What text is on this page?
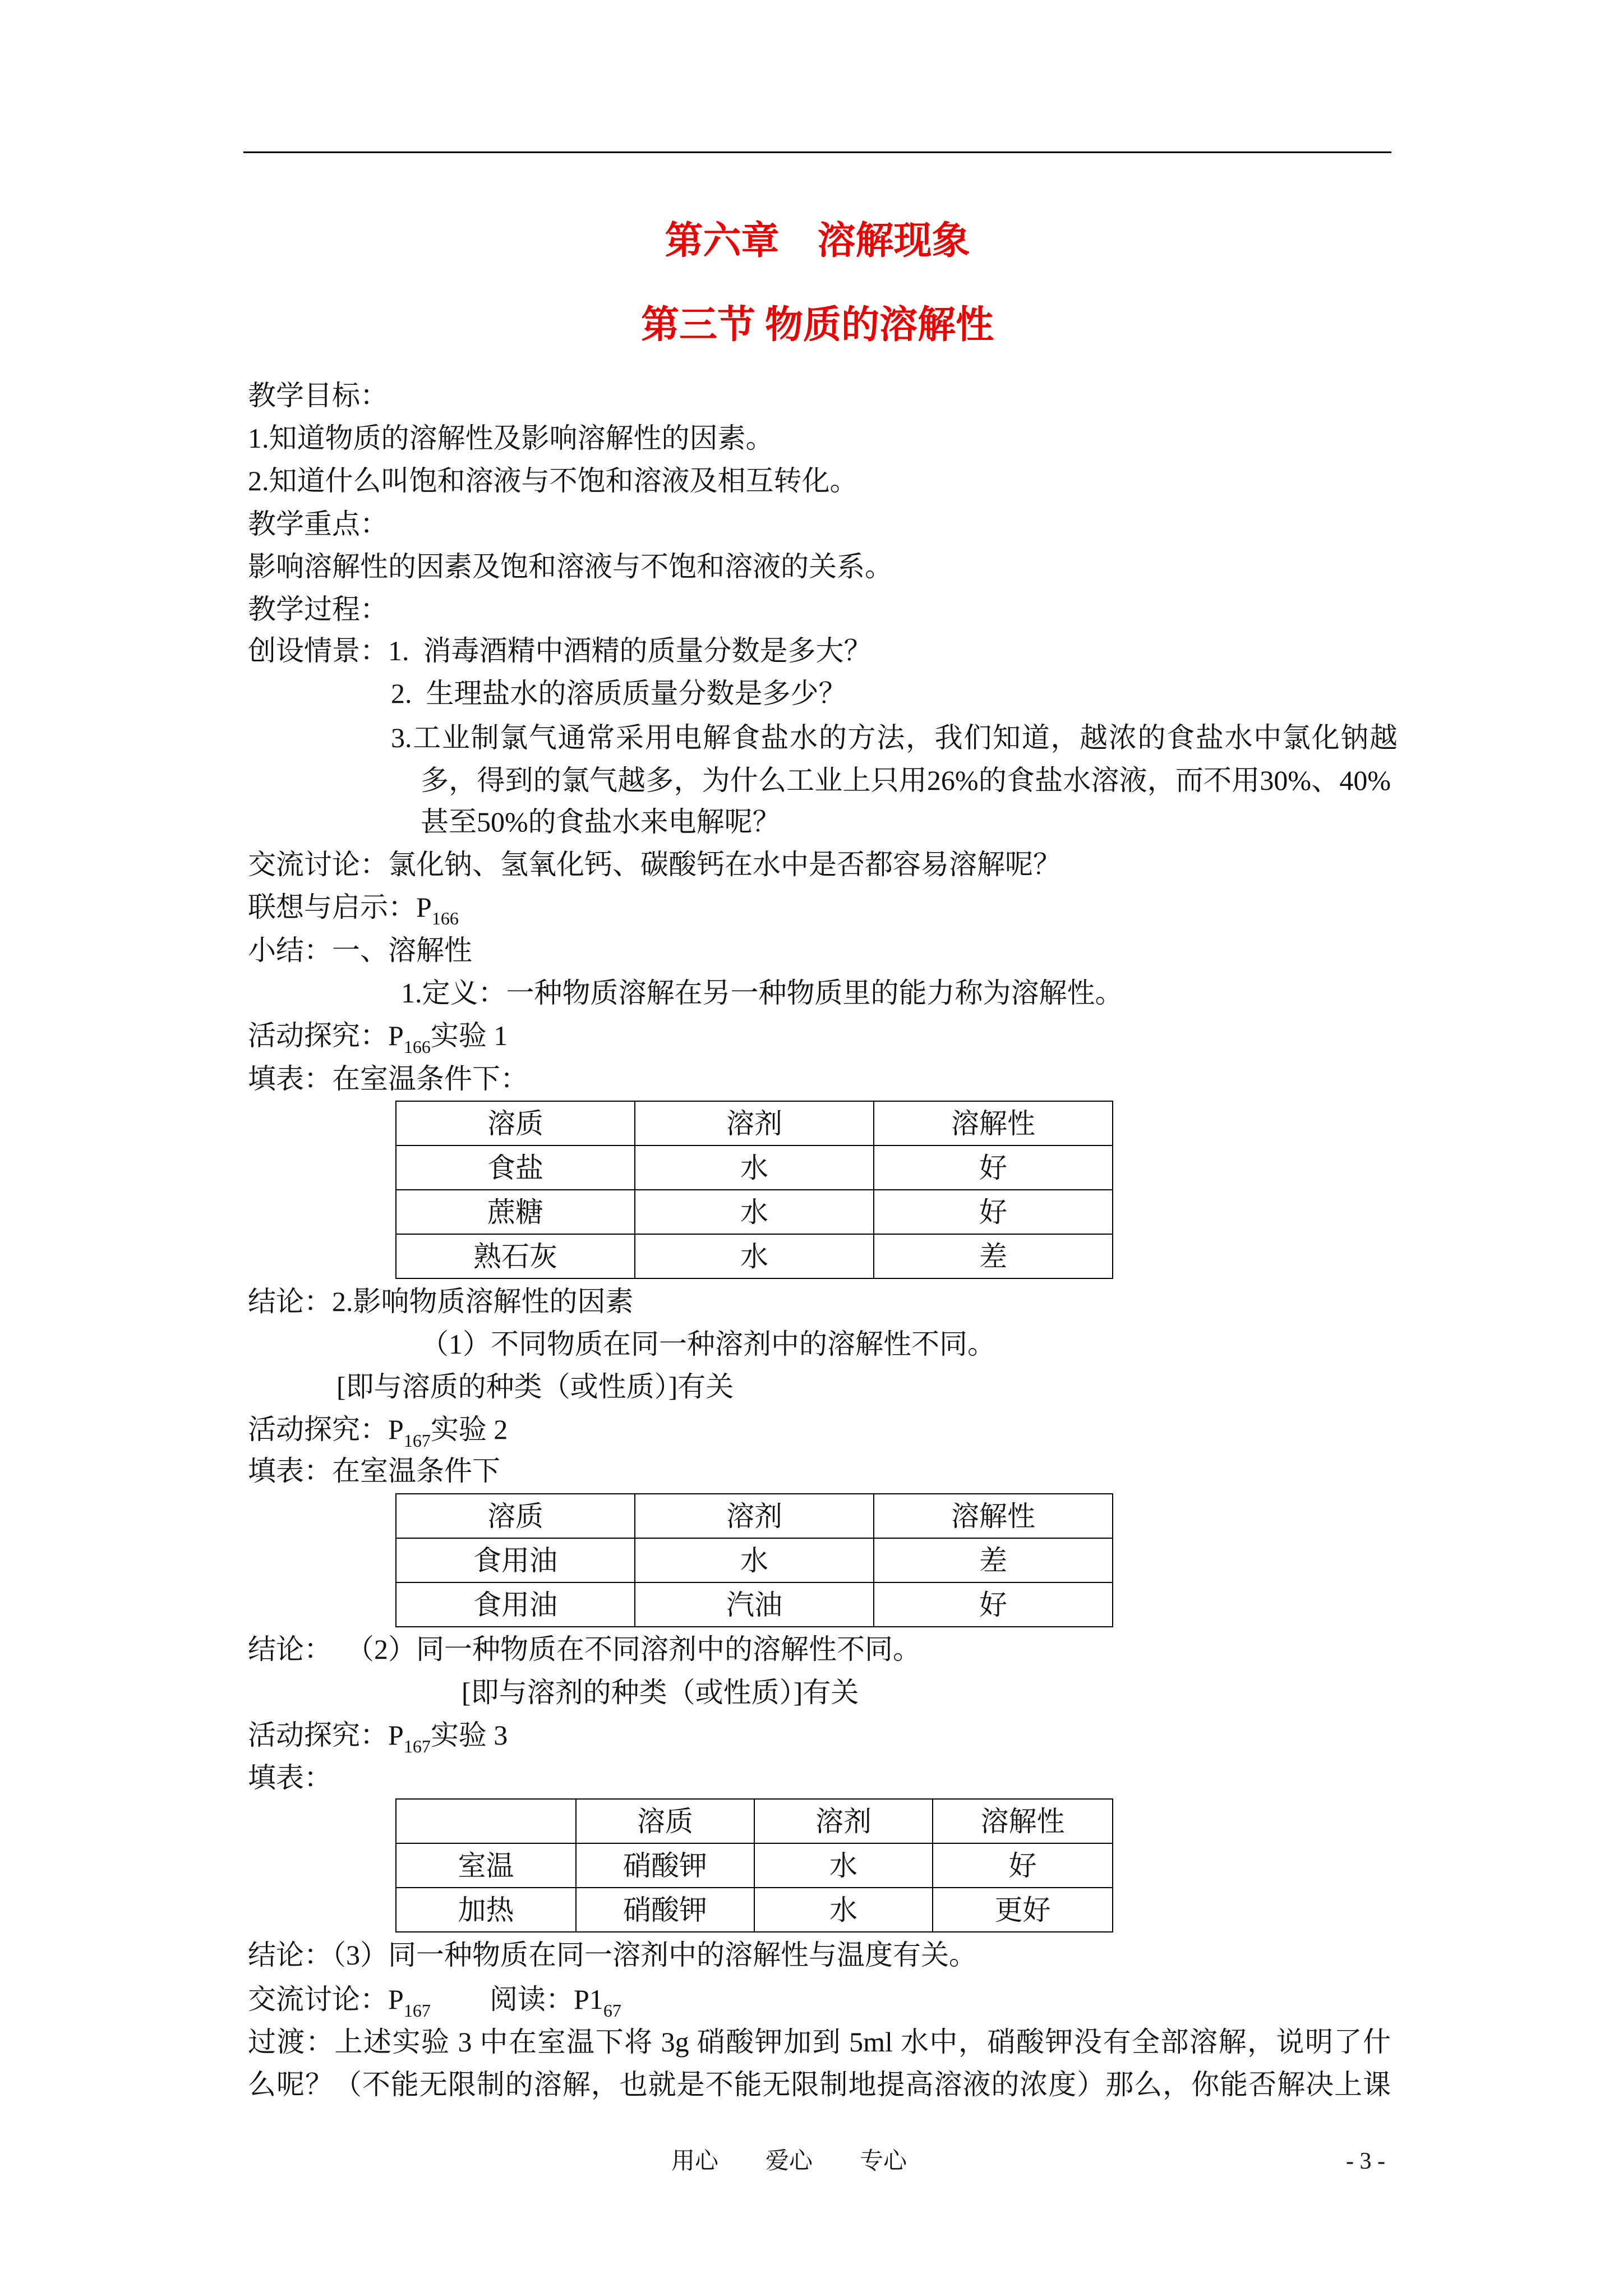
第六章　溶解现象
第三节 物质的溶解性
教学目标：
1.知道物质的溶解性及影响溶解性的因素。
2.知道什么叫饱和溶液与不饱和溶液及相互转化。
教学重点：
影响溶解性的因素及饱和溶液与不饱和溶液的关系。
教学过程：
创设情景：1.  消毒酒精中酒精的质量分数是多大？
2.  生理盐水的溶质质量分数是多少？
3.工业制氯气通常采用电解食盐水的方法，我们知道，越浓的食盐水中氯化钠越
多，得到的氯气越多，为什么工业上只用26%的食盐水溶液，而不用30%、40%
甚至50%的食盐水来电解呢？
交流讨论：氯化钠、氢氧化钙、碳酸钙在水中是否都容易溶解呢？
联想与启示：$P_{166}$
小结：一、溶解性
1.定义：一种物质溶解在另一种物质里的能力称为溶解性。
活动探究：$P_{166}$实验 1
填表：在室温条件下：
溶质	溶剂	溶解性
食盐	水	好
蔗糖	水	好
熟石灰	水	差
结论：2.影响物质溶解性的因素
（1）不同物质在同一种溶剂中的溶解性不同。
[即与溶质的种类（或性质）]有关
活动探究：$P_{167}$实验 2
填表：在室温条件下
溶质	溶剂	溶解性
食用油	水	差
食用油	汽油	好
结论：  （2）同一种物质在不同溶剂中的溶解性不同。
[即与溶剂的种类（或性质）]有关
活动探究：$P_{167}$实验 3
填表：
	溶质	溶剂	溶解性
室温	硝酸钾	水	好
加热	硝酸钾	水	更好
结论：（3）同一种物质在同一溶剂中的溶解性与温度有关。
交流讨论：$P_{167}$ 阅读：$P1_{67}$
过渡：上述实验 3 中在室温下将 3g 硝酸钾加到 5ml 水中，硝酸钾没有全部溶解，说明了什
么呢？（不能无限制的溶解，也就是不能无限制地提高溶液的浓度）那么，你能否解决上课
用心　　爱心　　专心	- 3 -
